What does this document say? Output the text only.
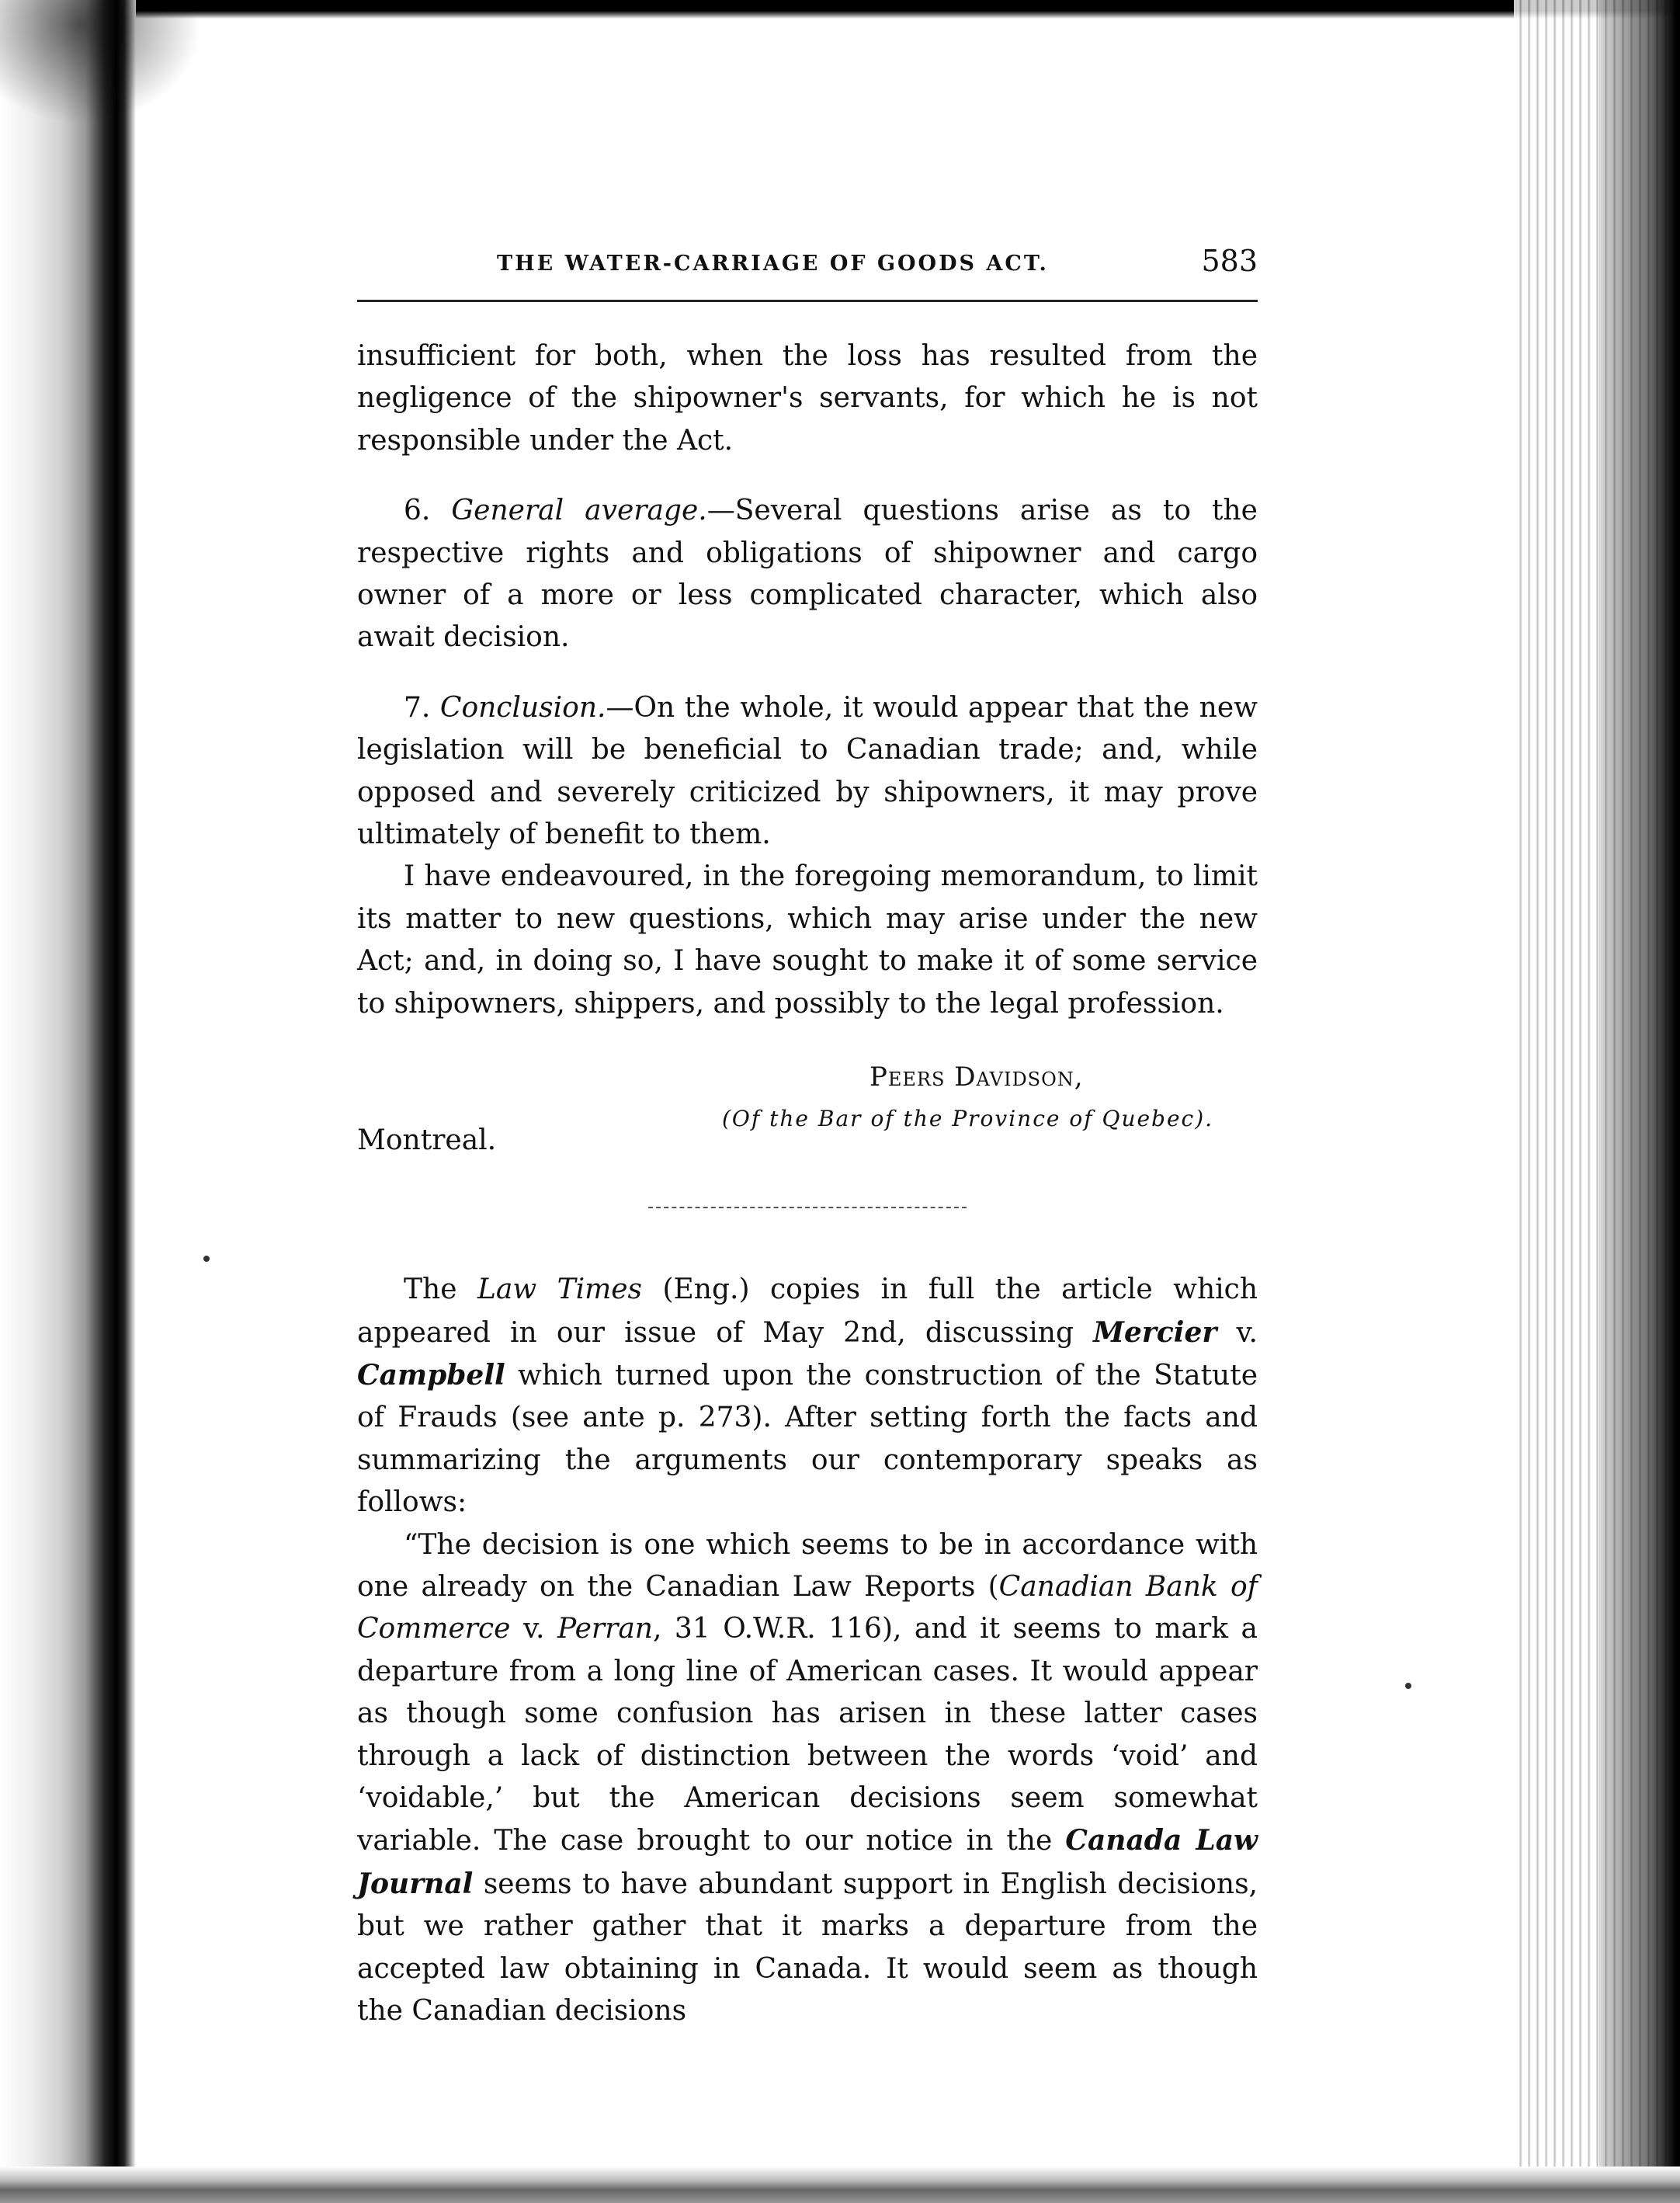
THE WATER-CARRIAGE OF GOODS ACT.	583

insufficient for both, when the loss has resulted from the negligence of the shipowner's servants, for which he is not responsible under the Act.

6. General average.—Several questions arise as to the respective rights and obligations of shipowner and cargo owner of a more or less complicated character, which also await decision.

7. Conclusion.—On the whole, it would appear that the new legislation will be beneficial to Canadian trade; and, while opposed and severely criticized by shipowners, it may prove ultimately of benefit to them.

I have endeavoured, in the foregoing memorandum, to limit its matter to new questions, which may arise under the new Act; and, in doing so, I have sought to make it of some service to shipowners, shippers, and possibly to the legal profession.

Peers Davidson,
(Of the Bar of the Province of Quebec).
Montreal.

The Law Times (Eng.) copies in full the article which appeared in our issue of May 2nd, discussing Mercier v. Campbell which turned upon the construction of the Statute of Frauds (see ante p. 273). After setting forth the facts and summarizing the arguments our contemporary speaks as follows:

“The decision is one which seems to be in accordance with one already on the Canadian Law Reports (Canadian Bank of Commerce v. Perran, 31 O.W.R. 116), and it seems to mark a departure from a long line of American cases. It would appear as though some confusion has arisen in these latter cases through a lack of distinction between the words ‘void’ and ‘voidable,’ but the American decisions seem somewhat variable. The case brought to our notice in the Canada Law Journal seems to have abundant support in English decisions, but we rather gather that it marks a departure from the accepted law obtaining in Canada. It would seem as though the Canadian decisions
